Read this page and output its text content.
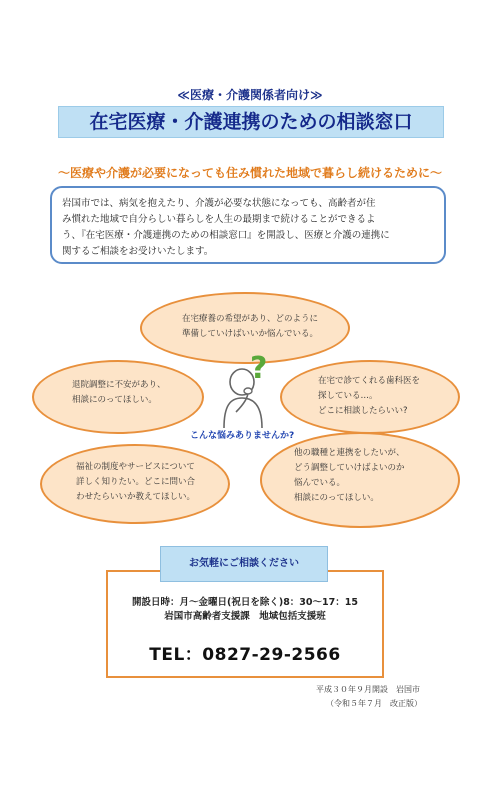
≪医療・介護関係者向け≫
在宅医療・介護連携のための相談窓口
～医療や介護が必要になっても住み慣れた地域で暮らし続けるために～
岩国市では、病気を抱えたり、介護が必要な状態になっても、高齢者が住
み慣れた地域で自分らしい暮らしを人生の最期まで続けることができるよ
う、『在宅医療・介護連携のための相談窓口』を開設し、医療と介護の連携に
関するご相談をお受けいたします。
在宅療養の希望があり、どのように
準備していけばいいか悩んでいる。
退院調整に不安があり、
相談にのってほしい。
在宅で診てくれる歯科医を
探している…。
どこに相談したらいい?
福祉の制度やサービスについて
詳しく知りたい。どこに問い合
わせたらいいか教えてほしい。
他の職種と連携をしたいが、
どう調整していけばよいのか
悩んでいる。
相談にのってほしい。
?
こんな悩みありませんか?
お気軽にご相談ください
開設日時：月～金曜日(祝日を除く)8：30～17：15
岩国市高齢者支援課　地域包括支援班
TEL：0827-29-2566
平成３０年９月開設　岩国市
（令和５年７月　改正版）
